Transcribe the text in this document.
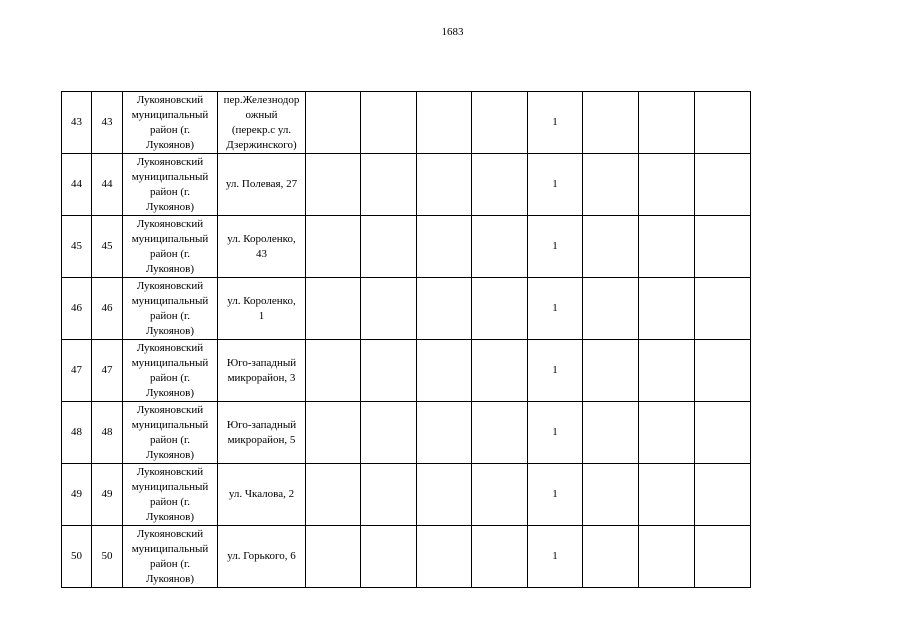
1683
43	43	Лукояновский
муниципальный
район (г.
Лукоянов)	пер.Железнодор
ожный
(перекр.с ул.
Дзержинского)					1			
44	44	Лукояновский
муниципальный
район (г.
Лукоянов)	ул. Полевая, 27					1			
45	45	Лукояновский
муниципальный
район (г.
Лукоянов)	ул. Короленко,
43					1			
46	46	Лукояновский
муниципальный
район (г.
Лукоянов)	ул. Короленко,
1					1			
47	47	Лукояновский
муниципальный
район (г.
Лукоянов)	Юго-западный
микрорайон, 3					1			
48	48	Лукояновский
муниципальный
район (г.
Лукоянов)	Юго-западный
микрорайон, 5					1			
49	49	Лукояновский
муниципальный
район (г.
Лукоянов)	ул. Чкалова, 2					1			
50	50	Лукояновский
муниципальный
район (г.
Лукоянов)	ул. Горького, 6					1			
